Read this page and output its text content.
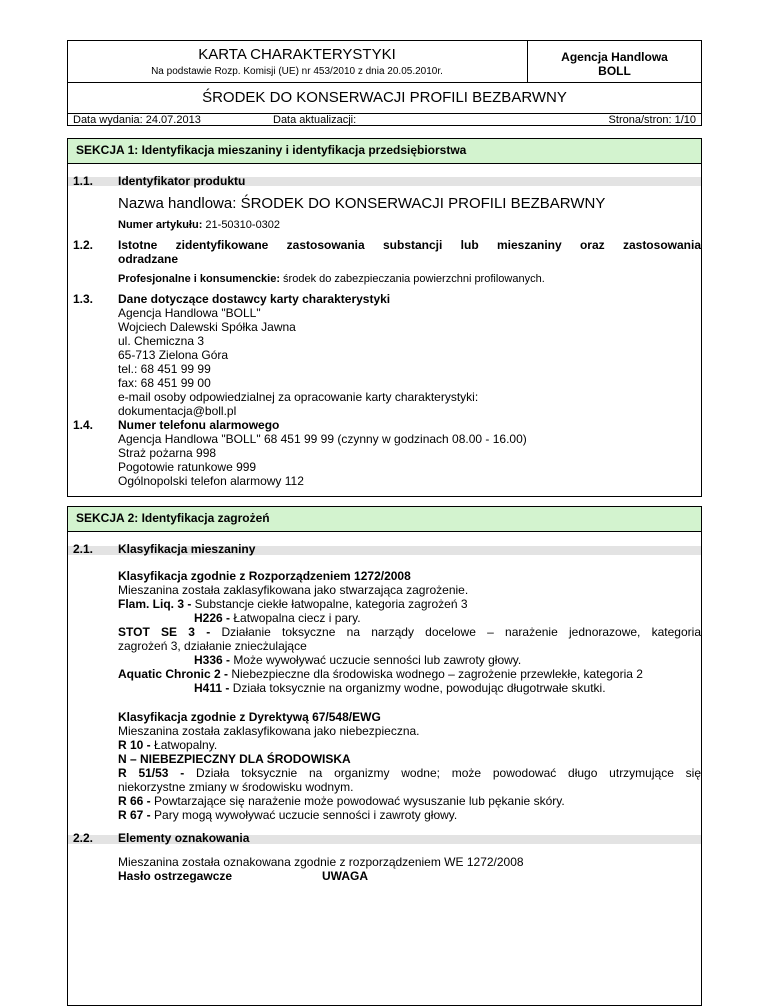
KARTA CHARAKTERYSTYKI
Na podstawie Rozp. Komisji (UE) nr 453/2010 z dnia 20.05.2010r.
Agencja Handlowa
BOLL
ŚRODEK DO KONSERWACJI PROFILI BEZBARWNY
Data wydania: 24.07.2013	Data aktualizacji:	Strona/stron: 1/10
SEKCJA 1: Identyfikacja mieszaniny i identyfikacja przedsiębiorstwa
1.1. Identyfikator produktu
Nazwa handlowa: ŚRODEK DO KONSERWACJI PROFILI BEZBARWNY
Numer artykułu: 21-50310-0302
1.2. Istotne zidentyfikowane zastosowania substancji lub mieszaniny oraz zastosowania
odradzane
Profesjonalne i konsumenckie: środek do zabezpieczania powierzchni profilowanych.
1.3. Dane dotyczące dostawcy karty charakterystyki
Agencja Handlowa "BOLL"
Wojciech Dalewski Spółka Jawna
ul. Chemiczna 3
65-713 Zielona Góra
tel.: 68 451 99 99
fax: 68 451 99 00
e-mail osoby odpowiedzialnej za opracowanie karty charakterystyki:
dokumentacja@boll.pl
1.4. Numer telefonu alarmowego
Agencja Handlowa "BOLL" 68 451 99 99 (czynny w godzinach 08.00 - 16.00)
Straż pożarna 998
Pogotowie ratunkowe 999
Ogólnopolski telefon alarmowy 112
SEKCJA 2: Identyfikacja zagrożeń
2.1. Klasyfikacja mieszaniny
Klasyfikacja zgodnie z Rozporządzeniem 1272/2008
Mieszanina została zaklasyfikowana jako stwarzająca zagrożenie.
Flam. Liq. 3 - Substancje ciekłe łatwopalne, kategoria zagrożeń 3
H226 - Łatwopalna ciecz i pary.
STOT SE 3 - Działanie toksyczne na narządy docelowe – narażenie jednorazowe, kategoria
zagrożeń 3, działanie zniecżulające
H336 - Może wywoływać uczucie senności lub zawroty głowy.
Aquatic Chronic 2 - Niebezpieczne dla środowiska wodnego – zagrożenie przewlekłe, kategoria 2
H411 - Działa toksycznie na organizmy wodne, powodując długotrwałe skutki.
Klasyfikacja zgodnie z Dyrektywą 67/548/EWG
Mieszanina została zaklasyfikowana jako niebezpieczna.
R 10 - Łatwopalny.
N – NIEBEZPIECZNY DLA ŚRODOWISKA
R 51/53 - Działa toksycznie na organizmy wodne; może powodować długo utrzymujące się
niekorzystne zmiany w środowisku wodnym.
R 66 - Powtarzające się narażenie może powodować wysuszanie lub pękanie skóry.
R 67 - Pary mogą wywoływać uczucie senności i zawroty głowy.
2.2. Elementy oznakowania
Mieszanina została oznakowana zgodnie z rozporządzeniem WE 1272/2008
Hasło ostrzegawcze	UWAGA
